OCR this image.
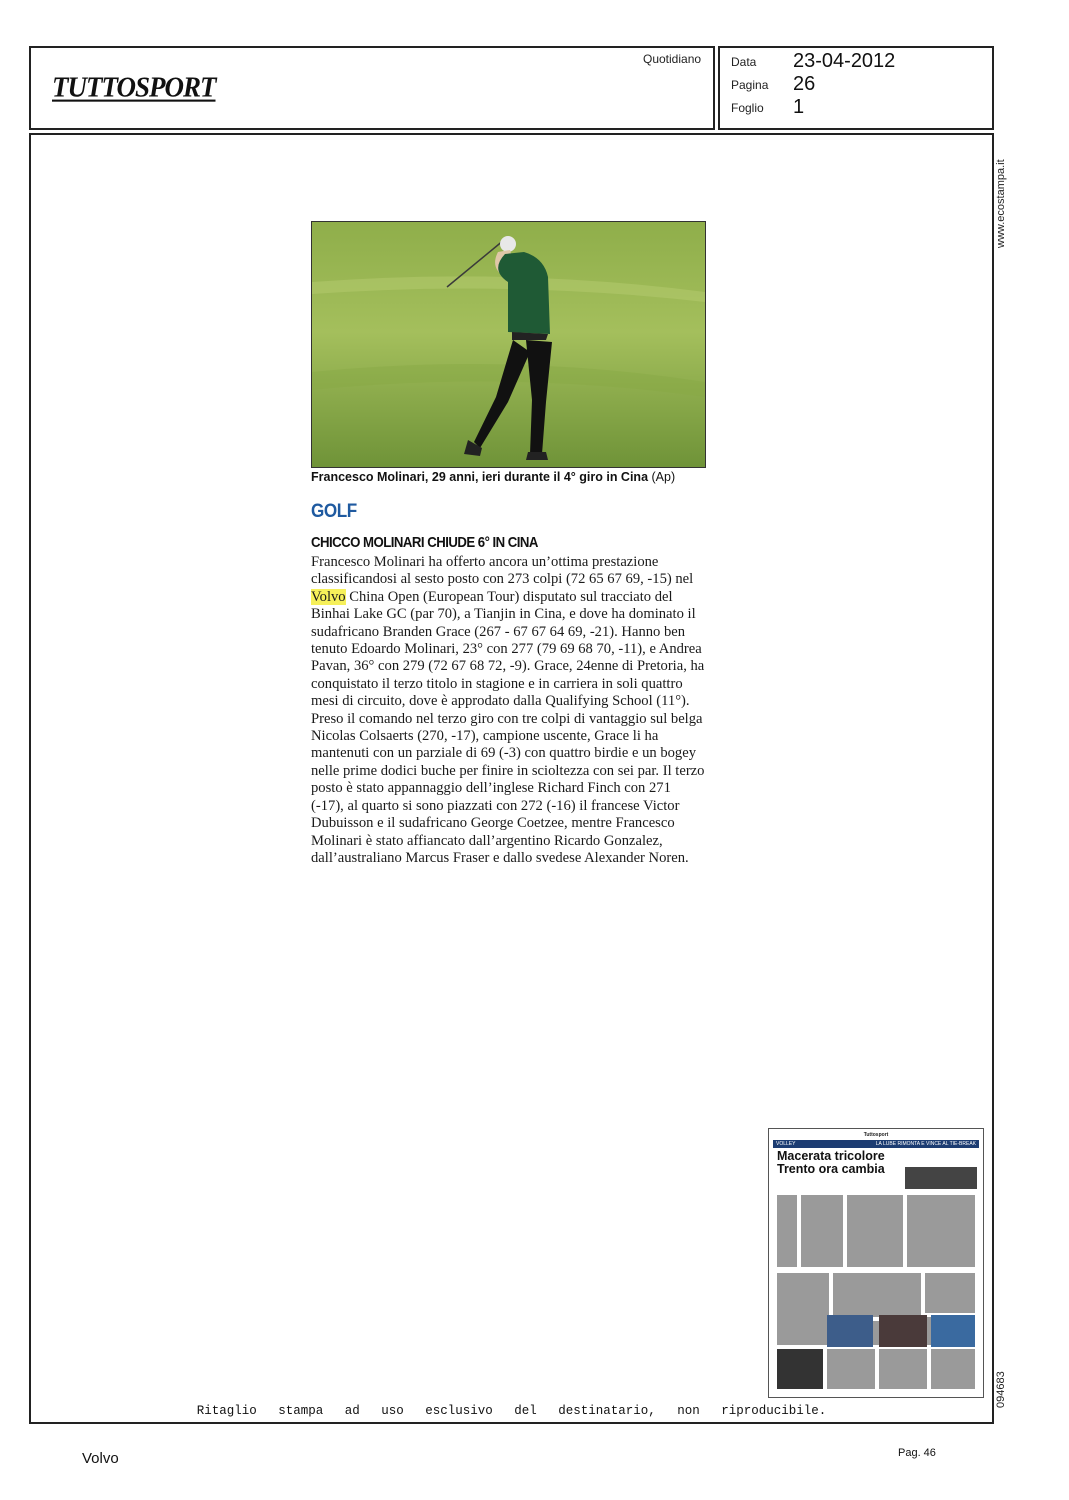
TUTTOSPORT
Quotidiano Data 23-04-2012
Pagina 26
Foglio 1
www.ecostampa.it
094683
Francesco Molinari, 29 anni, ieri durante il 4° giro in Cina (Ap)
GOLF
CHICCO MOLINARI CHIUDE 6° IN CINA
Francesco Molinari ha offerto ancora un’ottima prestazione classificandosi al sesto posto con 273 colpi (72 65 67 69, -15) nel Volvo China Open (European Tour) disputato sul tracciato del Binhai Lake GC (par 70), a Tianjin in Cina, e dove ha dominato il sudafricano Branden Grace (267 - 67 67 64 69, -21). Hanno ben tenuto Edoardo Molinari, 23° con 277 (79 69 68 70, -11), e Andrea Pavan, 36° con 279 (72 67 68 72, -9). Grace, 24enne di Pretoria, ha conquistato il terzo titolo in stagione e in carriera in soli quattro mesi di circuito, dove è approdato dalla Qualifying School (11°). Preso il comando nel terzo giro con tre colpi di vantaggio sul belga Nicolas Colsaerts (270, -17), campione uscente, Grace li ha mantenuti con un parziale di 69 (-3) con quattro birdie e un bogey nelle prime dodici buche per finire in scioltezza con sei par. Il terzo posto è stato appannaggio dell’inglese Richard Finch con 271 (-17), al quarto si sono piazzati con 272 (-16) il francese Victor Dubuisson e il sudafricano George Coetzee, mentre Francesco Molinari è stato affiancato dall’argentino Ricardo Gonzalez, dall’australiano Marcus Fraser e dallo svedese Alexander Noren.
Tuttosport
VOLLEY	LA LUBE RIMONTA E VINCE AL TIE-BREAK
Macerata tricolore Trento ora cambia
Ritaglio stampa ad uso esclusivo del destinatario, non riproducibile.
Volvo	Pag. 46
